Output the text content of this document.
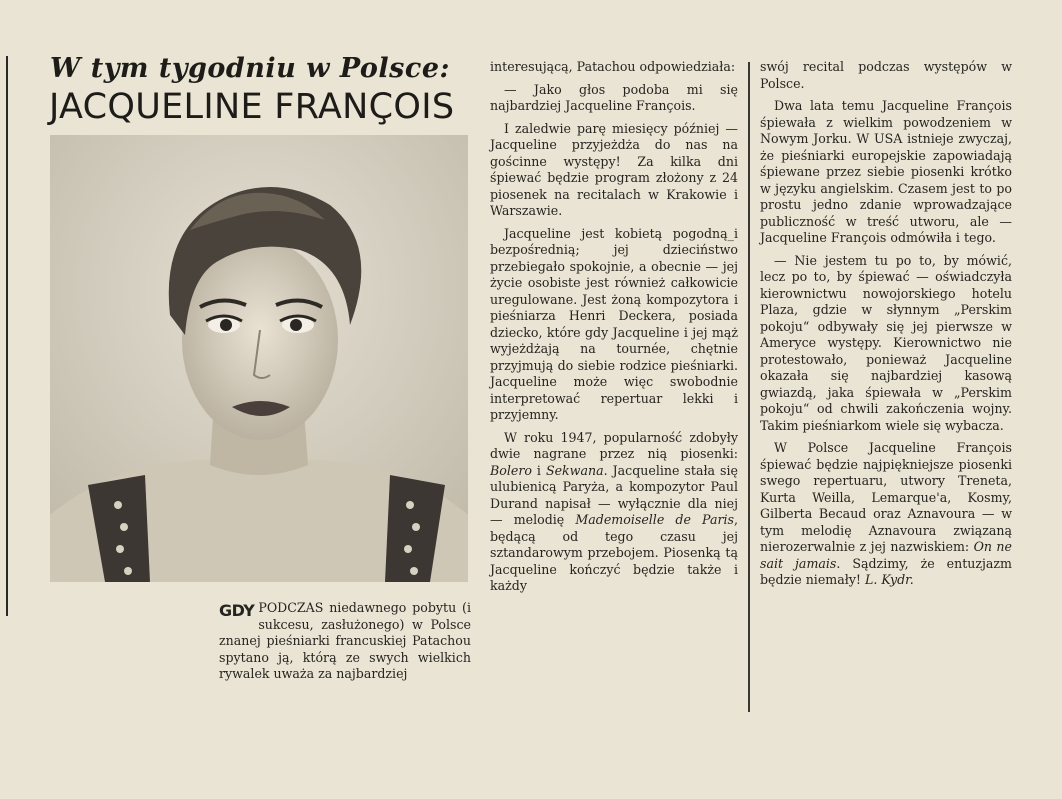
W tym tygodniu w Polsce:
JACQUELINE FRANÇOIS

GDY PODCZAS niedawnego pobytu (i sukcesu, zasłużonego) w Polsce znanej pieśniarki francuskiej Patachou spytano ją, którą ze swych wielkich rywalek uważa za najbardziej

interesującą, Patachou odpowiedziała:

— Jako głos podoba mi się najbardziej Jacqueline François.

I zaledwie parę miesięcy później — Jacqueline przyjeżdża do nas na gościnne występy! Za kilka dni śpiewać będzie program złożony z 24 piosenek na recitalach w Krakowie i Warszawie.

Jacqueline jest kobietą pogodną_i bezpośrednią; jej dzieciństwo przebiegało spokojnie, a obecnie — jej życie osobiste jest również całkowicie uregulowane. Jest żoną kompozytora i pieśniarza Henri Dеckera, posiada dziecko, które gdy Jacqueline i jej mąż wyjeżdżają na tournée, chętnie przyjmują do siebie rodzice pieśniarki. Jacqueline może więc swobodnie interpretować repertuar lekki i przyjemny.

W roku 1947, popularność zdobyły dwie nagrane przez nią piosenki: Bolero i Sekwana. Jacqueline stała się ulubienicą Paryża, a kompozytor Paul Durand napisał — wyłącznie dla niej — melodię Mademoiselle de Paris, będącą od tego czasu jej sztandarowym przebojem. Piosenką tą Jacqueline kończyć będzie także i każdy

swój recital podczas występów w Polsce.

Dwa lata temu Jacqueline François śpiewała z wielkim powodzeniem w Nowym Jorku. W USA istnieje zwyczaj, że pieśniarki europejskie zapowiadają śpiewane przez siebie piosenki krótko w języku angielskim. Czasem jest to po prostu jedno zdanie wprowadzające publiczność w treść utworu, ale — Jacqueline François odmówiła i tego.

— Nie jestem tu po to, by mówić, lecz po to, by śpiewać — oświadczyła kierownictwu nowojorskiego hotelu Plaza, gdzie w słynnym „Perskim pokoju“ odbywały się jej pierwsze w Ameryce występy. Kierownictwo nie protestowało, ponieważ Jacqueline okazała się najbardziej kasową gwiazdą, jaka śpiewała w „Perskim pokoju“ od chwili zakończenia wojny. Takim pieśniarkom wiele się wybacza.

W Polsce Jacqueline François śpiewać będzie najpiękniejsze piosenki swego repertuaru, utwory Treneta, Kurta Weilla, Lemarque'a, Kosmy, Gilberta Becaud oraz Aznavoura — w tym melodię Aznavoura związaną nierozerwalnie z jej nazwiskiem: On ne sait jamais. Sądzimy, że entuzjazm będzie niemały! L. Kydr.
